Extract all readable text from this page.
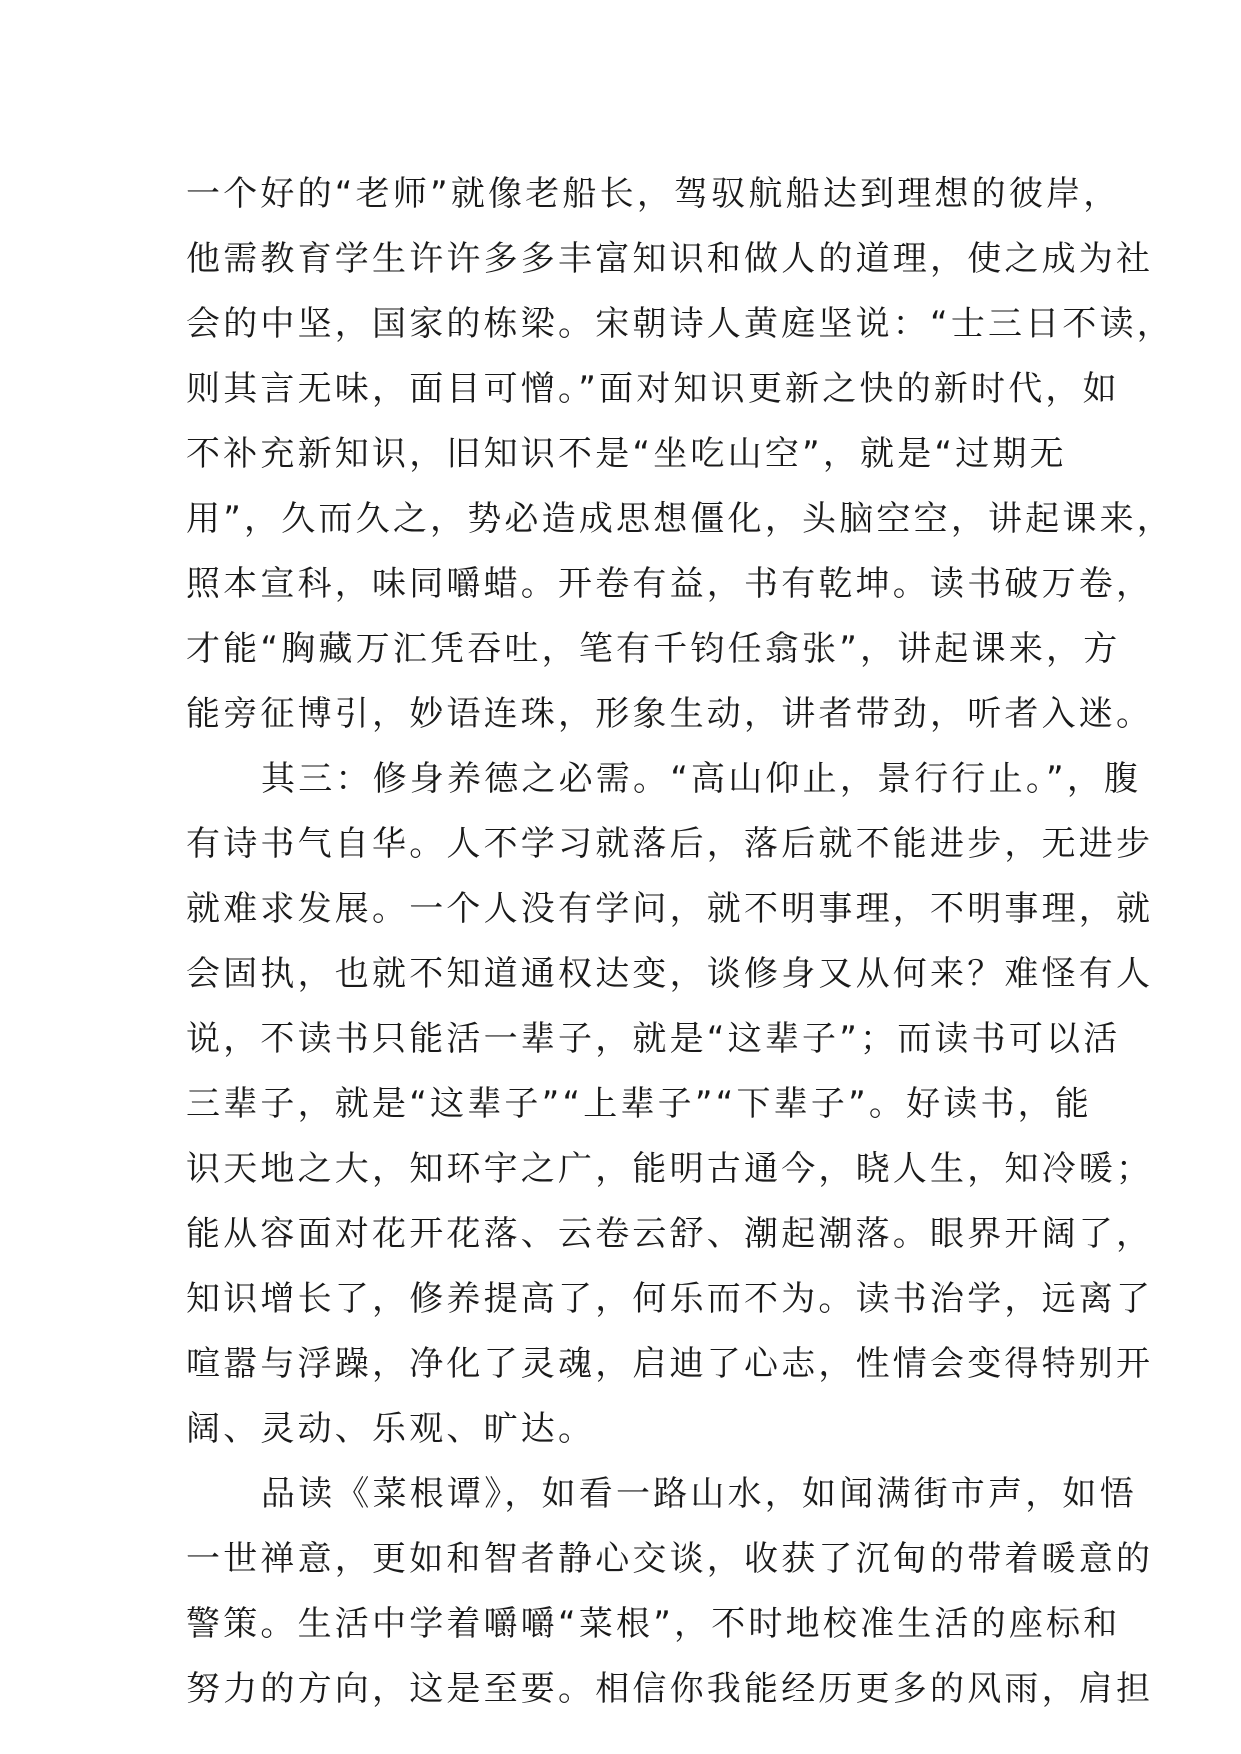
一个好的“老师”就像老船长，驾驭航船达到理想的彼岸，
他需教育学生许许多多丰富知识和做人的道理，使之成为社
会的中坚，国家的栋梁。宋朝诗人黄庭坚说：“士三日不读，
则其言无味，面目可憎。”面对知识更新之快的新时代，如
不补充新知识，旧知识不是“坐吃山空”，就是“过期无
用”，久而久之，势必造成思想僵化，头脑空空，讲起课来，
照本宣科，味同嚼蜡。开卷有益，书有乾坤。读书破万卷，
才能“胸藏万汇凭吞吐，笔有千钧任翕张”，讲起课来，方
能旁征博引，妙语连珠，形象生动，讲者带劲，听者入迷。
其三：修身养德之必需。“高山仰止，景行行止。”，腹
有诗书气自华。人不学习就落后，落后就不能进步，无进步
就难求发展。一个人没有学问，就不明事理，不明事理，就
会固执，也就不知道通权达变，谈修身又从何来？难怪有人
说，不读书只能活一辈子，就是“这辈子”；而读书可以活
三辈子，就是“这辈子”“上辈子”“下辈子”。好读书，能
识天地之大，知环宇之广，能明古通今，晓人生，知冷暖；
能从容面对花开花落、云卷云舒、潮起潮落。眼界开阔了，
知识增长了，修养提高了，何乐而不为。读书治学，远离了
喧嚣与浮躁，净化了灵魂，启迪了心志，性情会变得特别开
阔、灵动、乐观、旷达。
品读《菜根谭》，如看一路山水，如闻满街市声，如悟
一世禅意，更如和智者静心交谈，收获了沉甸的带着暖意的
警策。生活中学着嚼嚼“菜根”，不时地校准生活的座标和
努力的方向，这是至要。相信你我能经历更多的风雨，肩担
